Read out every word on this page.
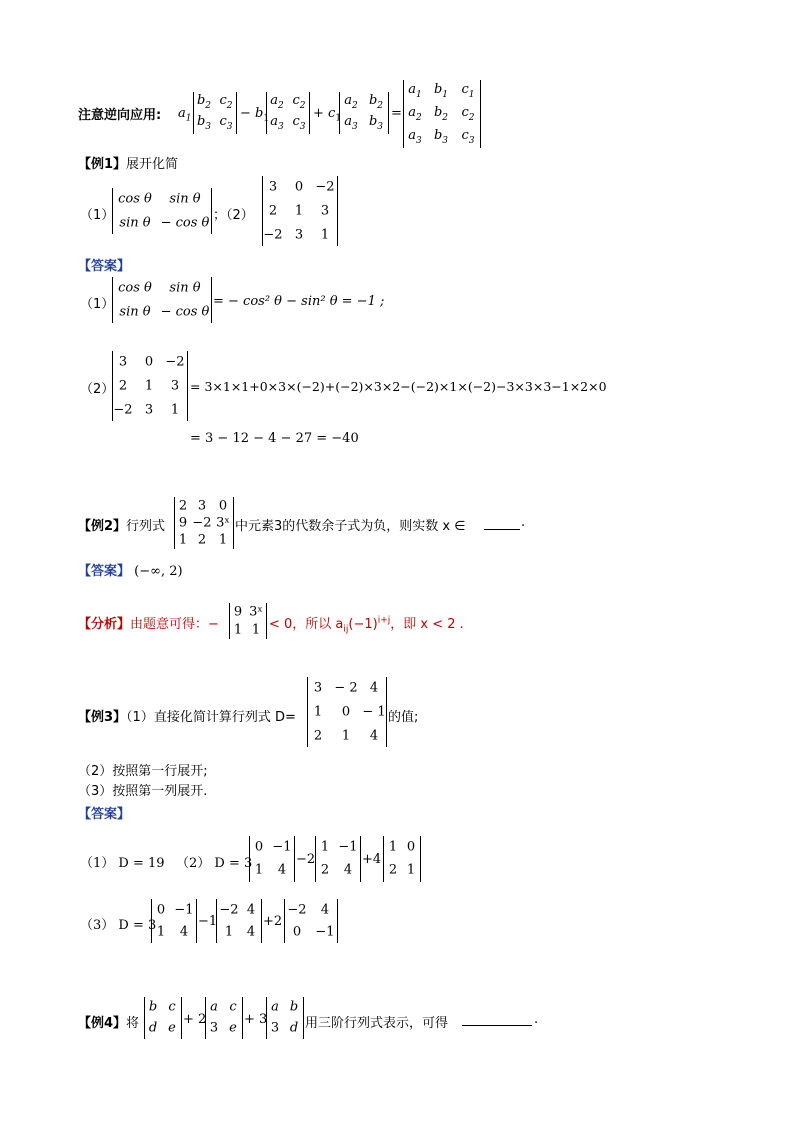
注意逆向应用: $a_1$
$b_2$ $c_2$
$b_3$ $c_3$
− $b_1$
$a_2$ $c_2$
$a_3$ $c_3$
+ $c_1$
$a_2$ $b_2$
$a_3$ $b_3$
=
$a_1$ $b_1$ $c_1$
$a_2$ $b_2$ $c_2$
$a_3$ $b_3$ $c_3$
【例1】展开化简
（1）
cos θ sin θ
sin θ − cos θ ；（2）
3 0 −2
2 1 3
−2 3 1
【答案】
（1）
cos θ sin θ
sin θ − cos θ
= − cos² θ − sin² θ = −1 ;
（2）
3 0 −2
2 1 3
−2 3 1
= 3×1×1+0×3×(−2)+(−2)×3×2−(−2)×1×(−2)−3×3×3−1×2×0
= 3 − 12 − 4 − 27 = −40
【例2】行列式
2 3 0
9 −2 3ˣ
1 2 1
中元素3的代数余子式为负，则实数 x ∈	.
【答案】 (−∞, 2)
【分析】由题意可得：−
9 3ˣ
1 1 < 0，所以 $a_{ij}(-1)^{i+j}$，即 x < 2 .
【例3】（1）直接化简计算行列式 D=
3 − 2 4
1 0 − 1
2 1 4
的值;
（2）按照第一行展开;
（3）按照第一列展开.
【答案】
（1） D = 19 （2） D = 3
0 −1
1 4
−2
1 −1
2 4
+4
1 0
2 1
（3） D = 3
0 −1
1 4
−1
−2 4
1 4
+2
−2 4
0 −1
【例4】将
b c
d e
+ 2
a c
3 e
+ 3
a b
3 d 用三阶行列式表示，可得	.
